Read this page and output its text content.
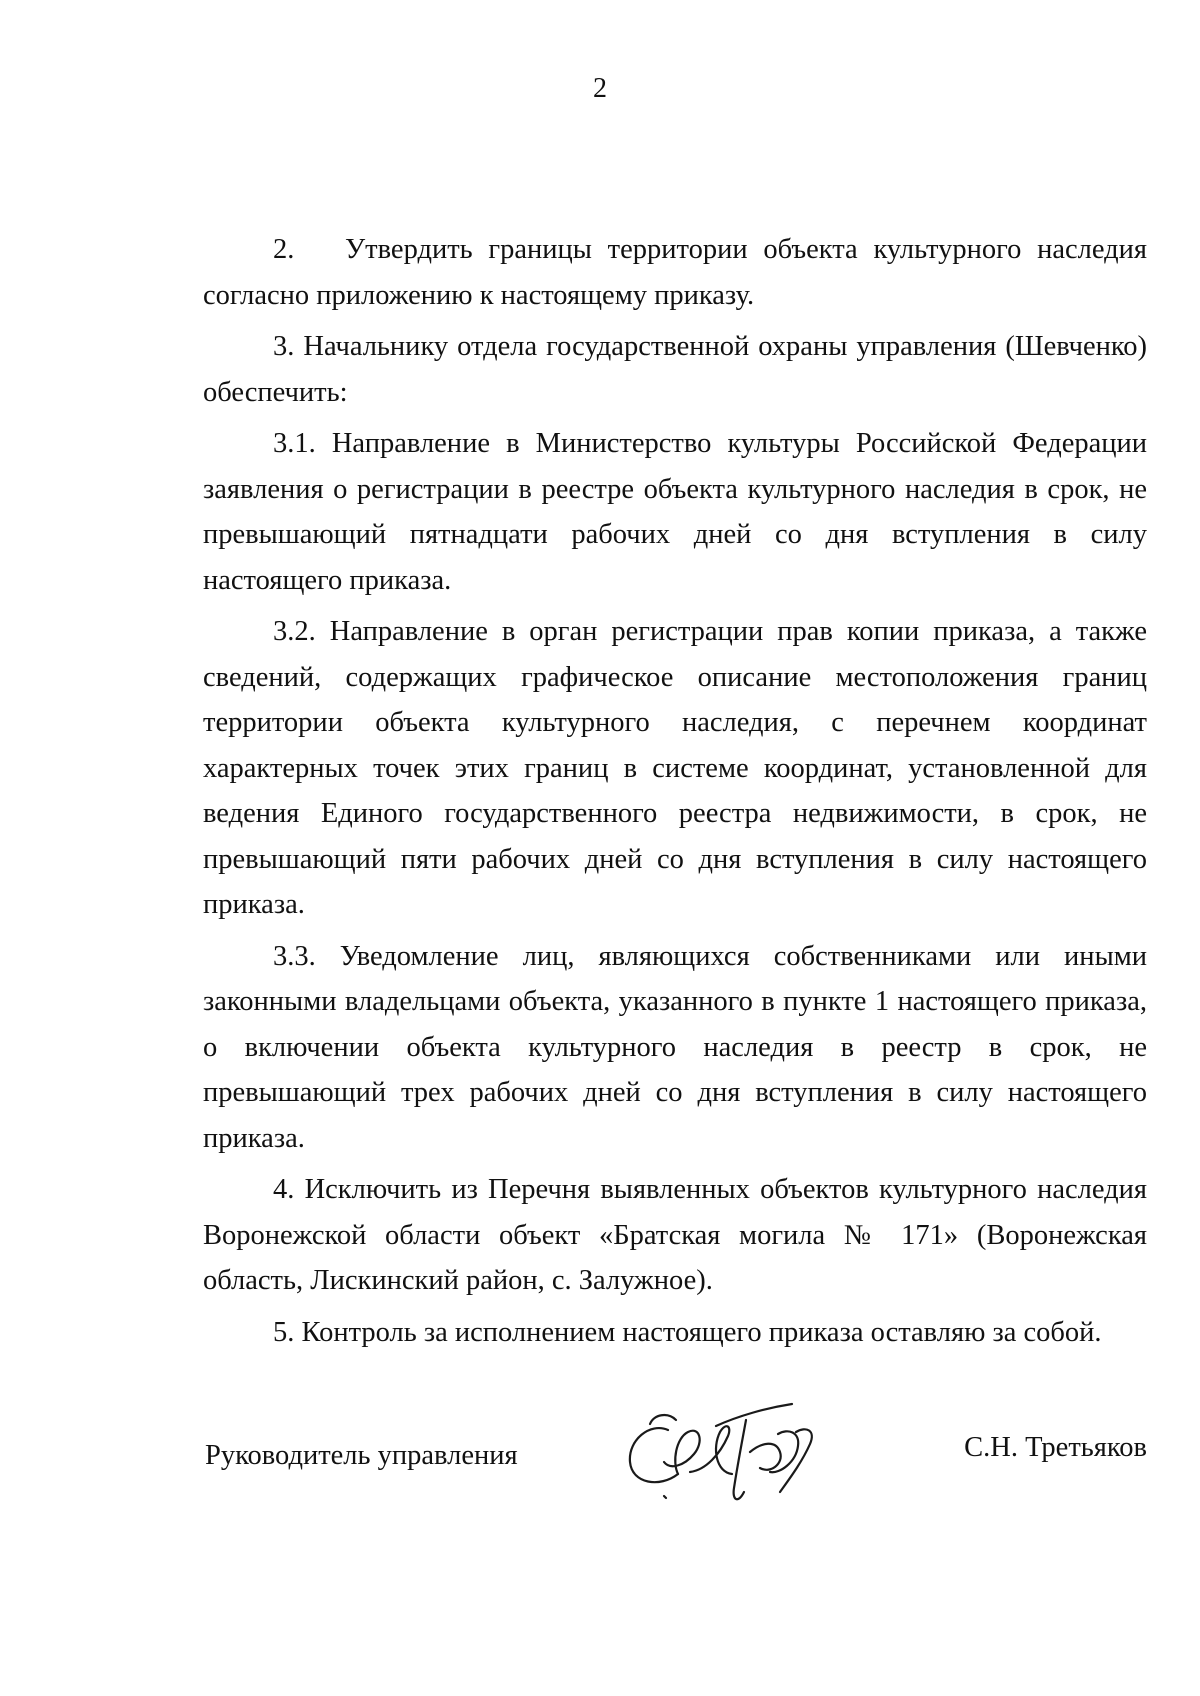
2

2. Утвердить границы территории объекта культурного наследия согласно приложению к настоящему приказу.

3. Начальнику отдела государственной охраны управления (Шевченко) обеспечить:

3.1. Направление в Министерство культуры Российской Федерации заявления о регистрации в реестре объекта культурного наследия в срок, не превышающий пятнадцати рабочих дней со дня вступления в силу настоящего приказа.

3.2. Направление в орган регистрации прав копии приказа, а также сведений, содержащих графическое описание местоположения границ территории объекта культурного наследия, с перечнем координат характерных точек этих границ в системе координат, установленной для ведения Единого государственного реестра недвижимости, в срок, не превышающий пяти рабочих дней со дня вступления в силу настоящего приказа.

3.3. Уведомление лиц, являющихся собственниками или иными законными владельцами объекта, указанного в пункте 1 настоящего приказа, о включении объекта культурного наследия в реестр в срок, не превышающий трех рабочих дней со дня вступления в силу настоящего приказа.

4. Исключить из Перечня выявленных объектов культурного наследия Воронежской области объект «Братская могила № 171» (Воронежская область, Лискинский район, с. Залужное).

5. Контроль за исполнением настоящего приказа оставляю за собой.

Руководитель управления	С.Н. Третьяков
